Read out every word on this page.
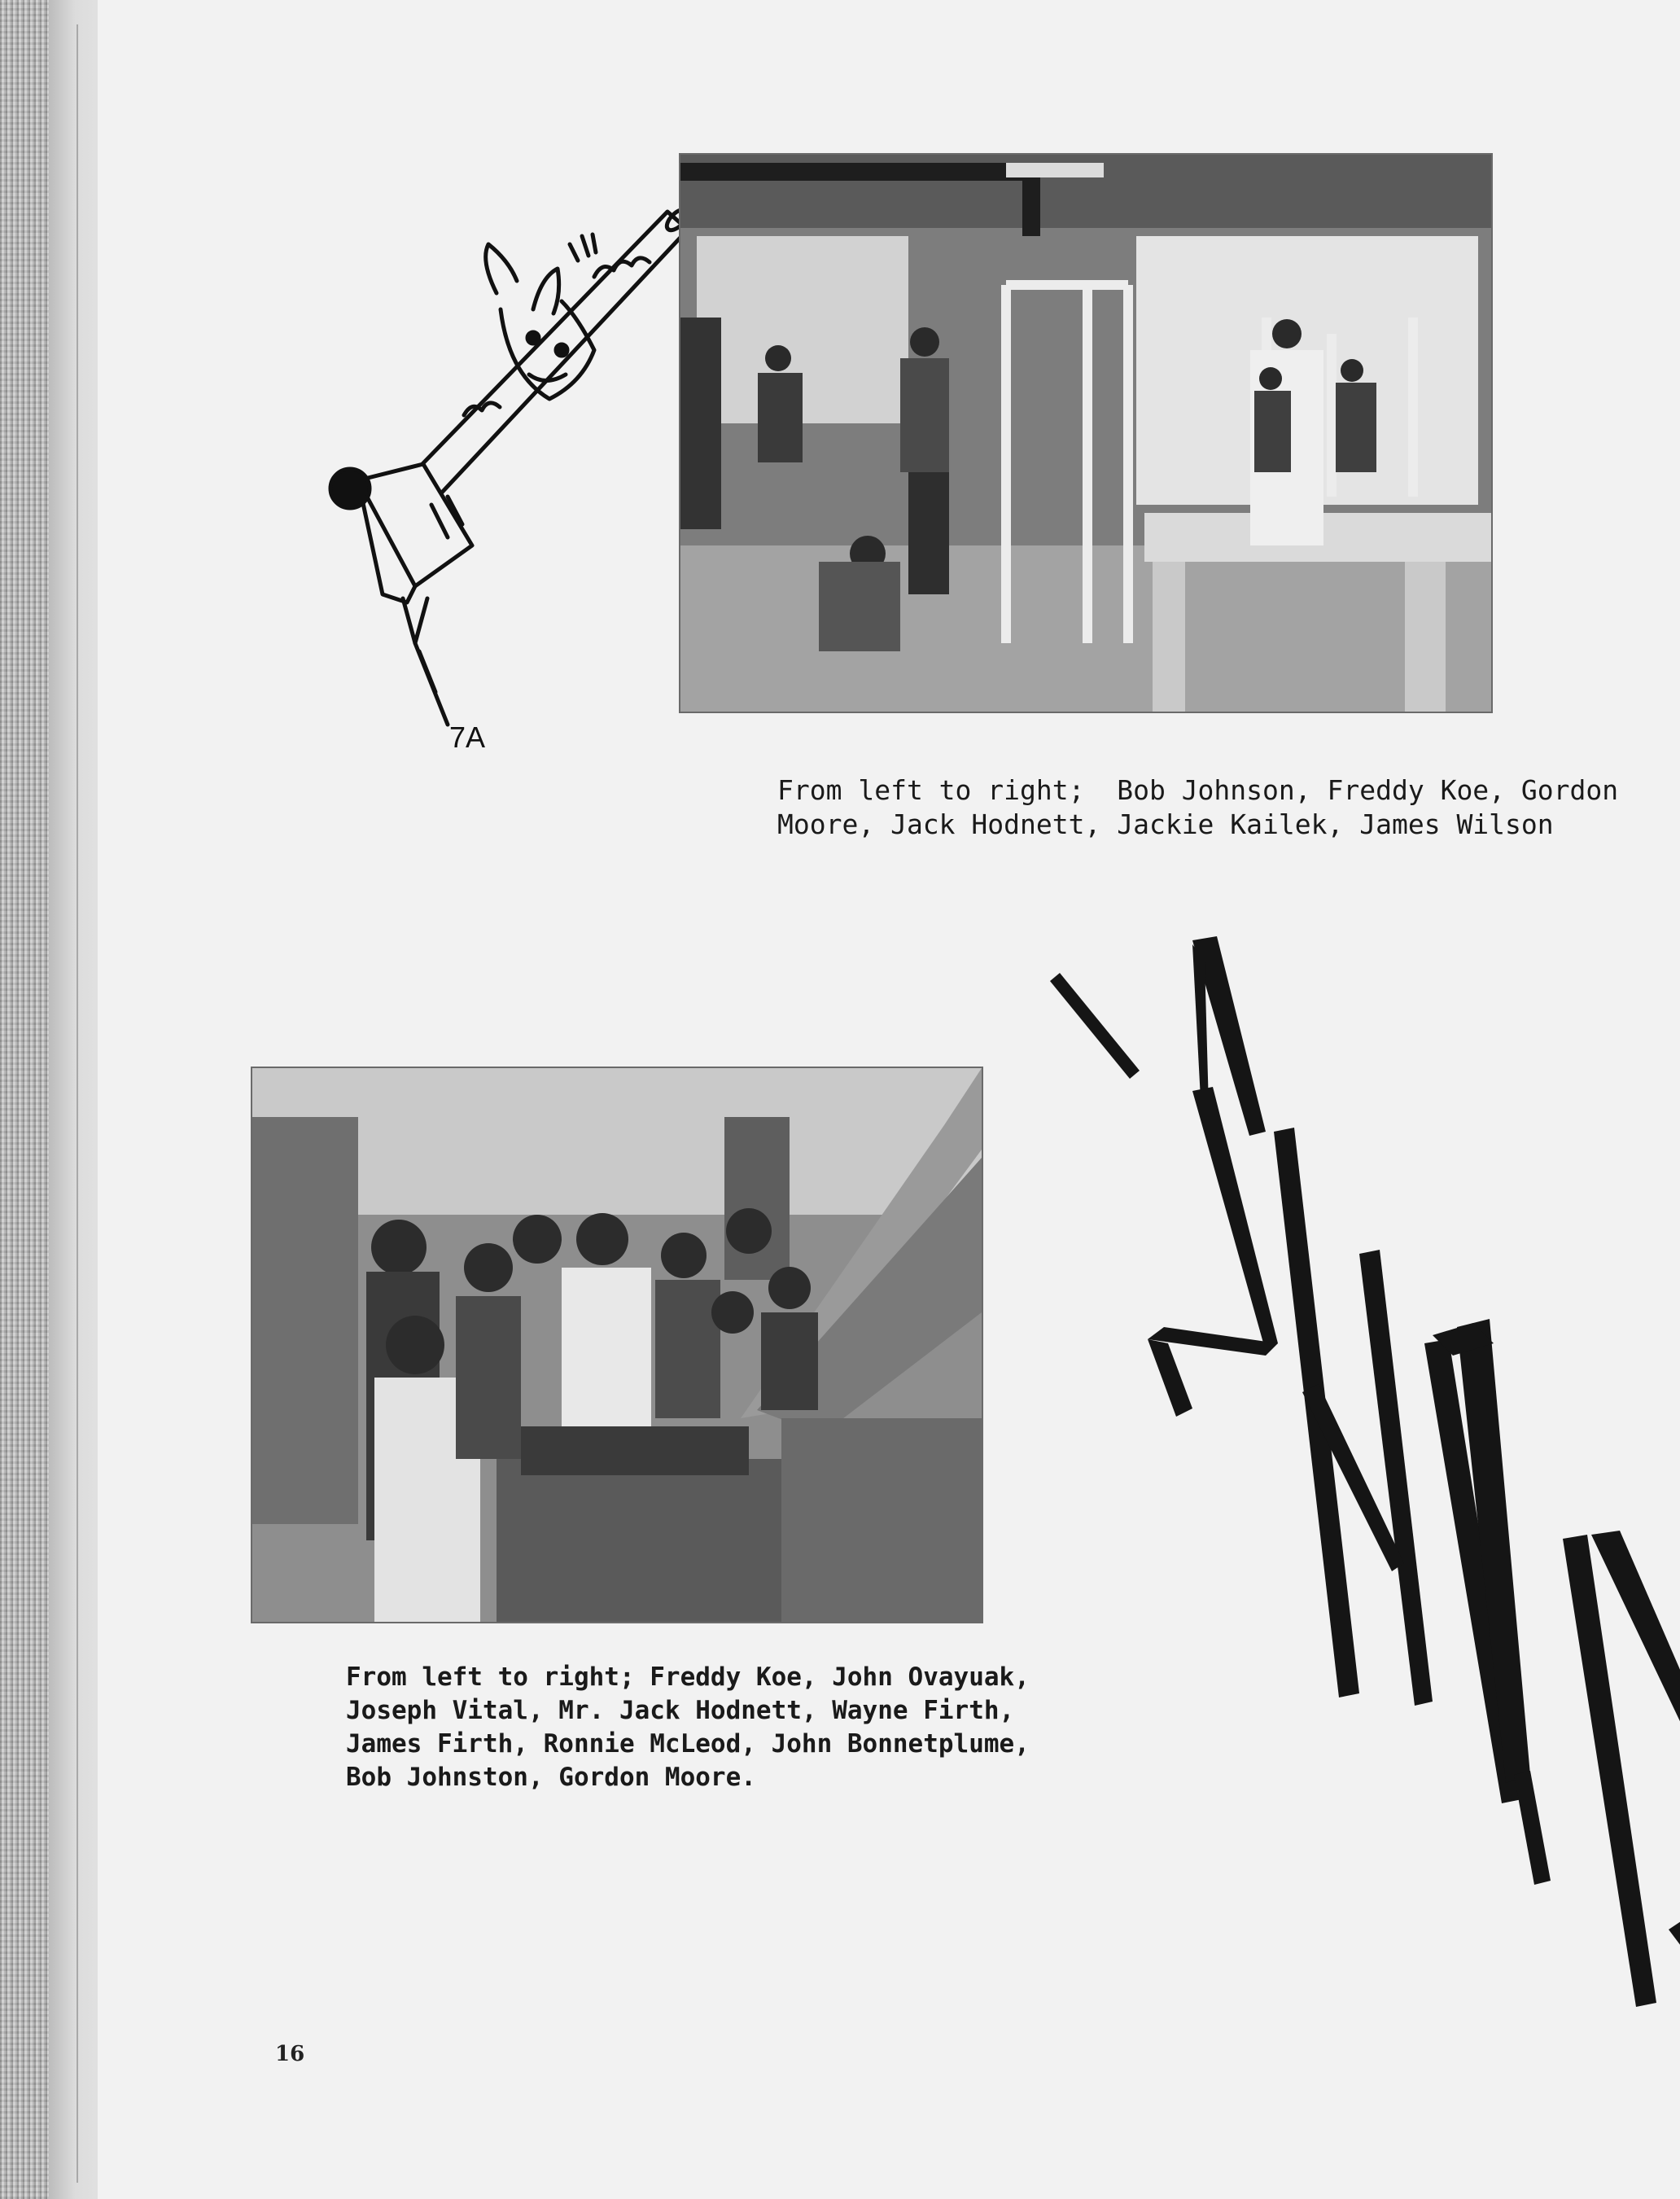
7A
From left to right;  Bob Johnson, Freddy Koe, Gordon
Moore, Jack Hodnett, Jackie Kailek, James Wilson
From left to right; Freddy Koe, John Ovayuak,
Joseph Vital, Mr. Jack Hodnett, Wayne Firth,
James Firth, Ronnie McLeod, John Bonnetplume,
Bob Johnston, Gordon Moore.
16
